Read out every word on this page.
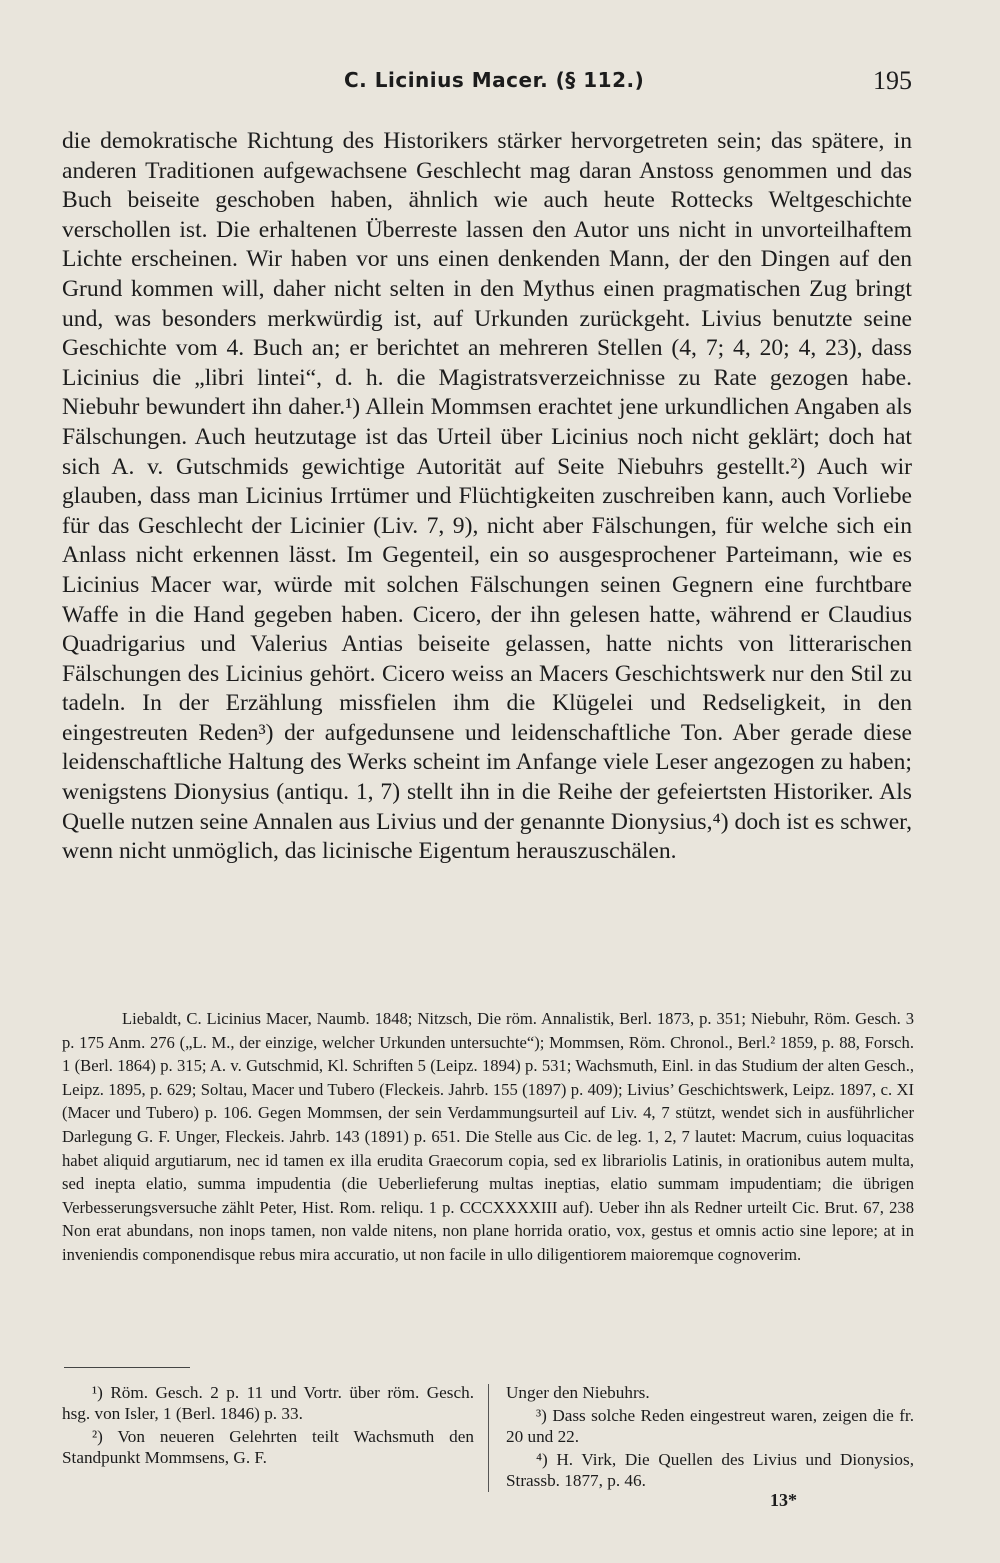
C. Licinius Macer. (§ 112.)	195
die demokratische Richtung des Historikers stärker hervorgetreten sein; das spätere, in anderen Traditionen aufgewachsene Geschlecht mag daran Anstoss genommen und das Buch beiseite geschoben haben, ähnlich wie auch heute Rottecks Weltgeschichte verschollen ist. Die erhaltenen Überreste lassen den Autor uns nicht in unvorteilhaftem Lichte erscheinen. Wir haben vor uns einen denkenden Mann, der den Dingen auf den Grund kommen will, daher nicht selten in den Mythus einen pragmatischen Zug bringt und, was besonders merkwürdig ist, auf Urkunden zurückgeht. Livius benutzte seine Geschichte vom 4. Buch an; er berichtet an mehreren Stellen (4, 7; 4, 20; 4, 23), dass Licinius die „libri lintei“, d. h. die Magistratsverzeichnisse zu Rate gezogen habe. Niebuhr bewundert ihn daher.¹) Allein Mommsen erachtet jene urkundlichen Angaben als Fälschungen. Auch heutzutage ist das Urteil über Licinius noch nicht geklärt; doch hat sich A. v. Gutschmids gewichtige Autorität auf Seite Niebuhrs gestellt.²) Auch wir glauben, dass man Licinius Irrtümer und Flüchtigkeiten zuschreiben kann, auch Vorliebe für das Geschlecht der Licinier (Liv. 7, 9), nicht aber Fälschungen, für welche sich ein Anlass nicht erkennen lässt. Im Gegenteil, ein so ausgesprochener Parteimann, wie es Licinius Macer war, würde mit solchen Fälschungen seinen Gegnern eine furchtbare Waffe in die Hand gegeben haben. Cicero, der ihn gelesen hatte, während er Claudius Quadrigarius und Valerius Antias beiseite gelassen, hatte nichts von litterarischen Fälschungen des Licinius gehört. Cicero weiss an Macers Geschichtswerk nur den Stil zu tadeln. In der Erzählung missfielen ihm die Klügelei und Redseligkeit, in den eingestreuten Reden³) der aufgedunsene und leidenschaftliche Ton. Aber gerade diese leidenschaftliche Haltung des Werks scheint im Anfange viele Leser angezogen zu haben; wenigstens Dionysius (antiqu. 1, 7) stellt ihn in die Reihe der gefeiertsten Historiker. Als Quelle nutzen seine Annalen aus Livius und der genannte Dionysius,⁴) doch ist es schwer, wenn nicht unmöglich, das licinische Eigentum herauszuschälen.
Liebaldt, C. Licinius Macer, Naumb. 1848; Nitzsch, Die röm. Annalistik, Berl. 1873, p. 351; Niebuhr, Röm. Gesch. 3 p. 175 Anm. 276 („L. M., der einzige, welcher Urkunden untersuchte“); Mommsen, Röm. Chronol., Berl.² 1859, p. 88, Forsch. 1 (Berl. 1864) p. 315; A. v. Gutschmid, Kl. Schriften 5 (Leipz. 1894) p. 531; Wachsmuth, Einl. in das Studium der alten Gesch., Leipz. 1895, p. 629; Soltau, Macer und Tubero (Fleckeis. Jahrb. 155 (1897) p. 409); Livius’ Geschichtswerk, Leipz. 1897, c. XI (Macer und Tubero) p. 106. Gegen Mommsen, der sein Verdammungsurteil auf Liv. 4, 7 stützt, wendet sich in ausführlicher Darlegung G. F. Unger, Fleckeis. Jahrb. 143 (1891) p. 651. Die Stelle aus Cic. de leg. 1, 2, 7 lautet: Macrum, cuius loquacitas habet aliquid argutiarum, nec id tamen ex illa erudita Graecorum copia, sed ex librariolis Latinis, in orationibus autem multa, sed inepta elatio, summa impudentia (die Ueberlieferung multas ineptias, elatio summam impudentiam; die übrigen Verbesserungsversuche zählt Peter, Hist. Rom. reliqu. 1 p. CCCXXXXIII auf). Ueber ihn als Redner urteilt Cic. Brut. 67, 238 Non erat abundans, non inops tamen, non valde nitens, non plane horrida oratio, vox, gestus et omnis actio sine lepore; at in inveniendis componendisque rebus mira accuratio, ut non facile in ullo diligentiorem maioremque cognoverim.

¹) Röm. Gesch. 2 p. 11 und Vortr. über röm. Gesch. hsg. von Isler, 1 (Berl. 1846) p. 33.

²) Von neueren Gelehrten teilt Wachsmuth den Standpunkt Mommsens, G. F.

Unger den Niebuhrs.

³) Dass solche Reden eingestreut waren, zeigen die fr. 20 und 22.

⁴) H. Virk, Die Quellen des Livius und Dionysios, Strassb. 1877, p. 46.

13*
